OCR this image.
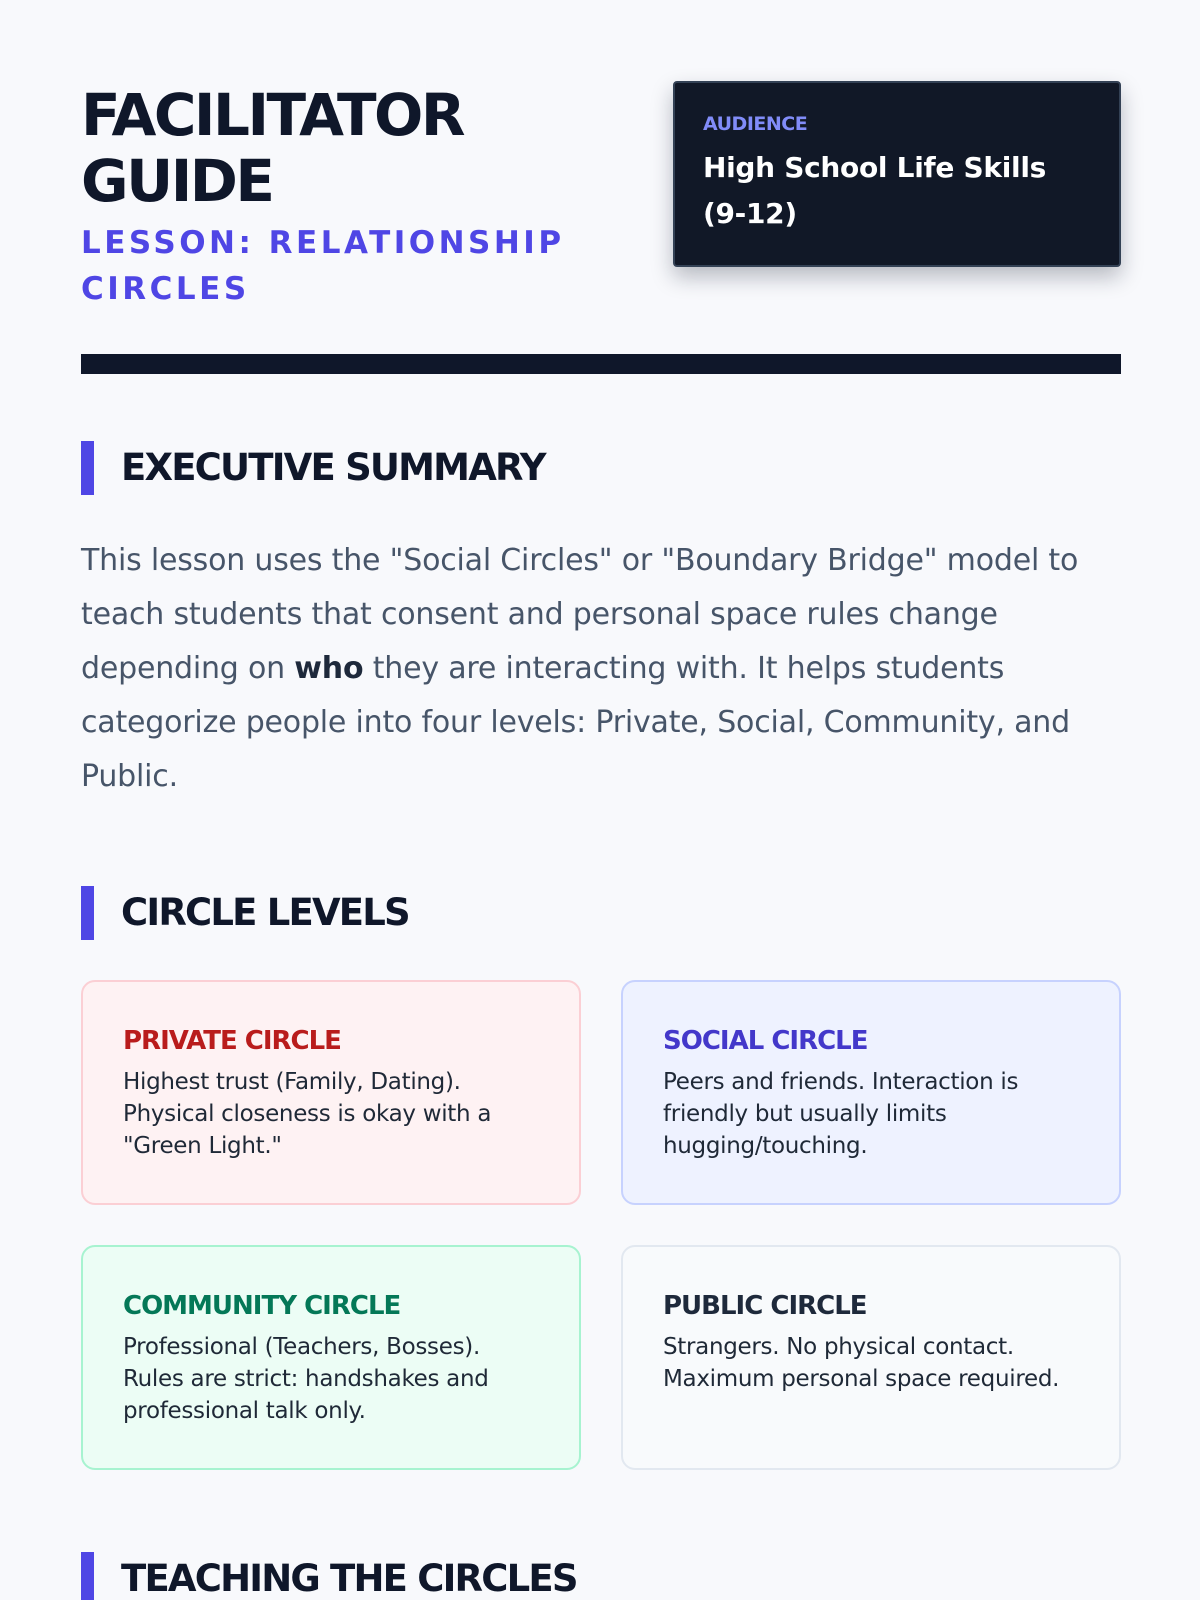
FACILITATOR GUIDE
LESSON: RELATIONSHIP CIRCLES
AUDIENCE
High School Life Skills (9-12)
EXECUTIVE SUMMARY

This lesson uses the "Social Circles" or "Boundary Bridge" model to teach students that consent and personal space rules change depending on who they are interacting with. It helps students categorize people into four levels: Private, Social, Community, and Public.

CIRCLE LEVELS
PRIVATE CIRCLE
Highest trust (Family, Dating). Physical closeness is okay with a "Green Light."
SOCIAL CIRCLE
Peers and friends. Interaction is friendly but usually limits hugging/touching.
COMMUNITY CIRCLE
Professional (Teachers, Bosses). Rules are strict: handshakes and professional talk only.
PUBLIC CIRCLE
Strangers. No physical contact. Maximum personal space required.
TEACHING THE CIRCLES
